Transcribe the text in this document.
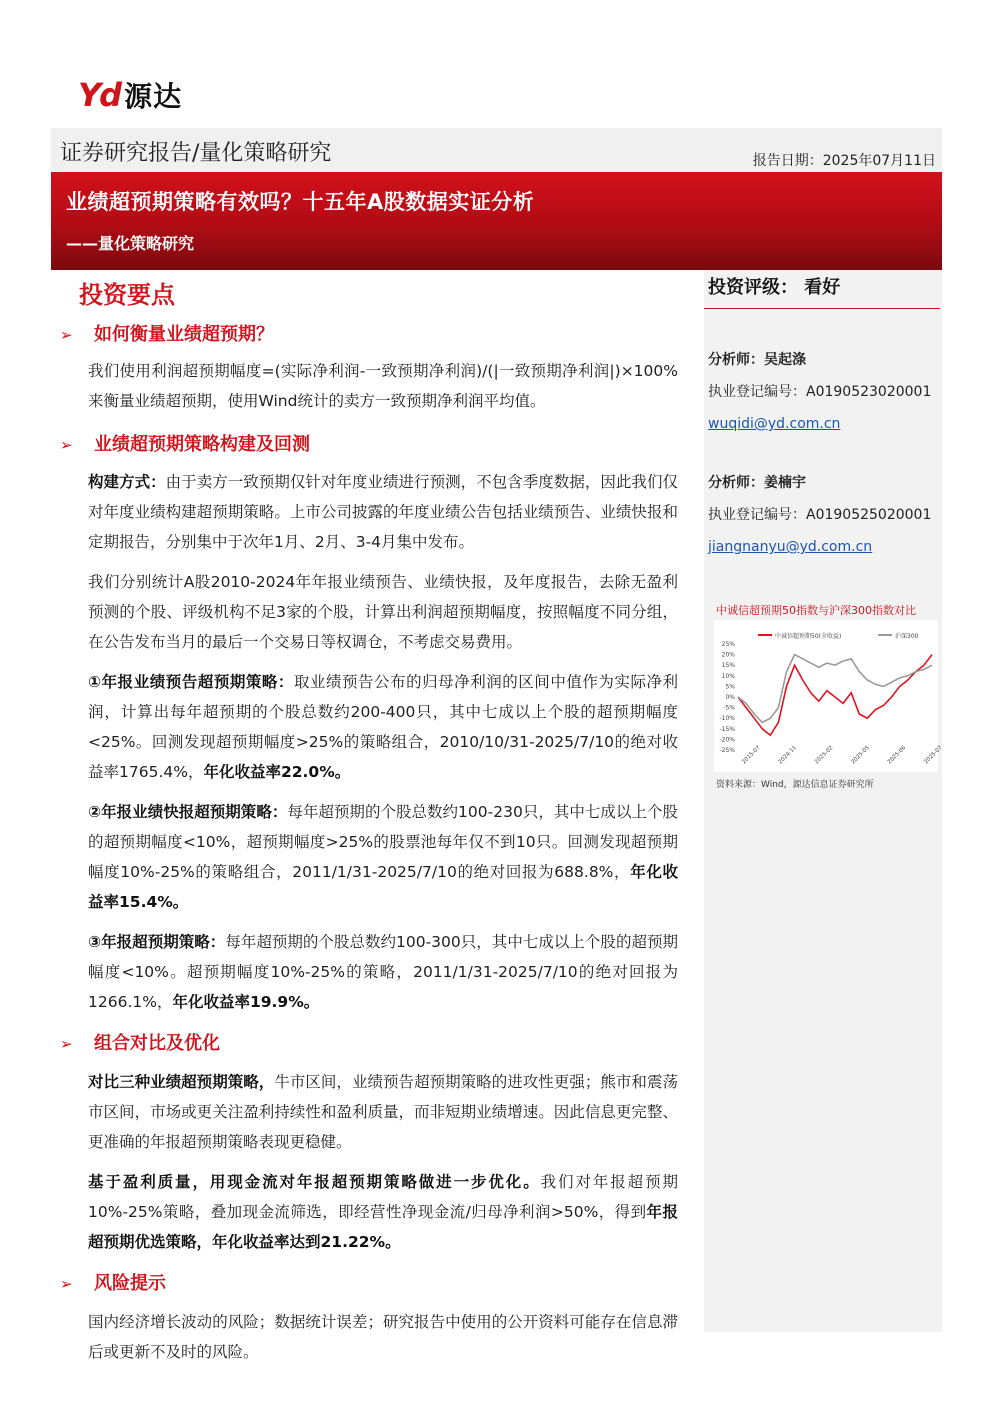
Yd 源达
证券研究报告/量化策略研究	报告日期：2025年07月11日
业绩超预期策略有效吗？十五年A股数据实证分析
——量化策略研究
投资评级： 看好
分析师：吴起涤
执业登记编号：A0190523020001
wuqidi@yd.com.cn
分析师：姜楠宇
执业登记编号：A0190525020001
jiangnanyu@yd.com.cn
中诚信超预期50指数与沪深300指数对比
中诚信超预期50(全收益)	沪深300
25%
20%
15%
10%
5%
0%
-5%
-10%
-15%
-20%
-25% 2015-07	2024-11	2025-02	2025-05	2025-06	2025-07
资料来源：Wind，源达信息证券研究所
投资要点
➢ 如何衡量业绩超预期？
我们使用利润超预期幅度=(实际净利润-一致预期净利润)/(|一致预期净利润|)×100% 来衡量业绩超预期，使用Wind统计的卖方一致预期净利润平均值。
➢ 业绩超预期策略构建及回测
构建方式：由于卖方一致预期仅针对年度业绩进行预测，不包含季度数据，因此我们仅对年度业绩构建超预期策略。上市公司披露的年度业绩公告包括业绩预告、业绩快报和定期报告，分别集中于次年1月、2月、3-4月集中发布。
我们分别统计A股2010-2024年年报业绩预告、业绩快报，及年度报告，去除无盈利预测的个股、评级机构不足3家的个股，计算出利润超预期幅度，按照幅度不同分组，在公告发布当月的最后一个交易日等权调仓，不考虑交易费用。
①年报业绩预告超预期策略：取业绩预告公布的归母净利润的区间中值作为实际净利润，计算出每年超预期的个股总数约200-400只，其中七成以上个股的超预期幅度<25%。回测发现超预期幅度>25%的策略组合，2010/10/31-2025/7/10的绝对收益率1765.4%，年化收益率22.0%。
②年报业绩快报超预期策略：每年超预期的个股总数约100-230只，其中七成以上个股的超预期幅度<10%，超预期幅度>25%的股票池每年仅不到10只。回测发现超预期幅度10%-25%的策略组合，2011/1/31-2025/7/10的绝对回报为688.8%，年化收益率15.4%。
③年报超预期策略：每年超预期的个股总数约100-300只，其中七成以上个股的超预期幅度<10%。超预期幅度10%-25%的策略，2011/1/31-2025/7/10的绝对回报为1266.1%，年化收益率19.9%。
➢ 组合对比及优化
对比三种业绩超预期策略，牛市区间，业绩预告超预期策略的进攻性更强；熊市和震荡市区间，市场或更关注盈利持续性和盈利质量，而非短期业绩增速。因此信息更完整、更准确的年报超预期策略表现更稳健。
基于盈利质量，用现金流对年报超预期策略做进一步优化。我们对年报超预期10%-25%策略，叠加现金流筛选，即经营性净现金流/归母净利润>50%，得到年报超预期优选策略，年化收益率达到21.22%。
➢ 风险提示
国内经济增长波动的风险；数据统计误差；研究报告中使用的公开资料可能存在信息滞后或更新不及时的风险。
